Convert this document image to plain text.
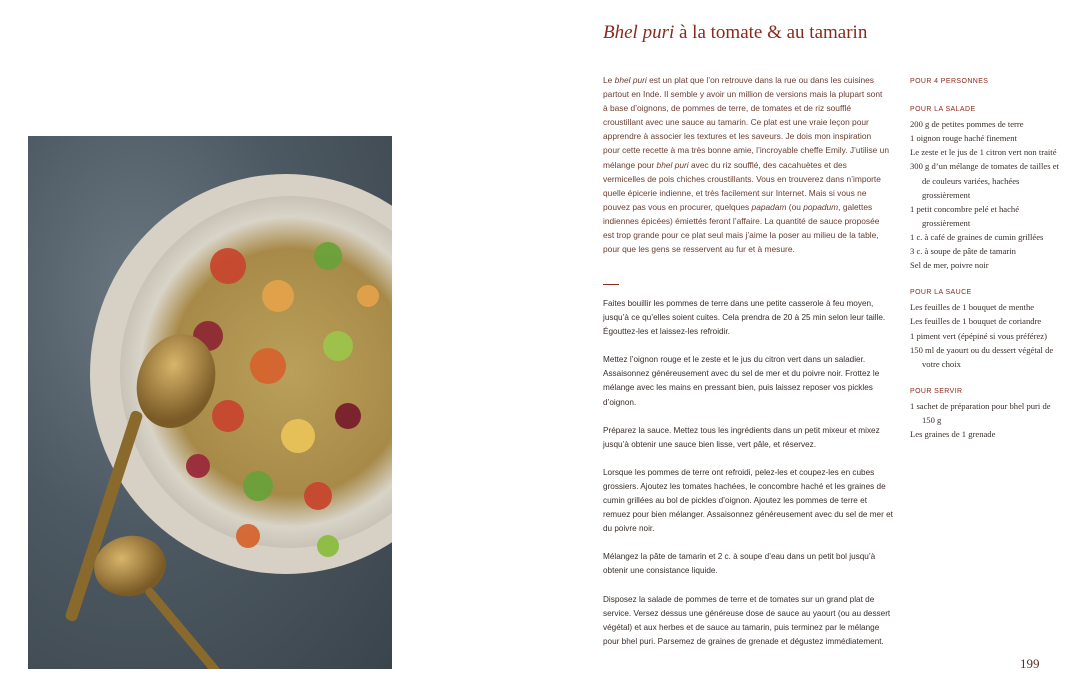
Bhel puri à la tomate & au tamarin

Le bhel puri est un plat que l’on retrouve dans la rue ou dans les cuisines partout en Inde. Il semble y avoir un million de versions mais la plupart sont à base d’oignons, de pommes de terre, de tomates et de riz soufflé croustillant avec une sauce au tamarin. Ce plat est une vraie leçon pour apprendre à associer les textures et les saveurs. Je dois mon inspiration pour cette recette à ma très bonne amie, l’incroyable cheffe Emily. J’utilise un mélange pour bhel puri avec du riz soufflé, des cacahuètes et des vermicelles de pois chiches croustillants. Vous en trouverez dans n’importe quelle épicerie indienne, et très facilement sur Internet. Mais si vous ne pouvez pas vous en procurer, quelques papadam (ou popadum, galettes indiennes épicées) émiettés feront l’affaire. La quantité de sauce proposée est trop grande pour ce plat seul mais j’aime la poser au milieu de la table, pour que les gens se resservent au fur et à mesure.

Faites bouillir les pommes de terre dans une petite casserole à feu moyen, jusqu’à ce qu’elles soient cuites. Cela prendra de 20 à 25 min selon leur taille. Égouttez-les et laissez-les refroidir.

Mettez l’oignon rouge et le zeste et le jus du citron vert dans un saladier. Assaisonnez généreusement avec du sel de mer et du poivre noir. Frottez le mélange avec les mains en pressant bien, puis laissez reposer vos pickles d’oignon.

Préparez la sauce. Mettez tous les ingrédients dans un petit mixeur et mixez jusqu’à obtenir une sauce bien lisse, vert pâle, et réservez.

Lorsque les pommes de terre ont refroidi, pelez-les et coupez-les en cubes grossiers. Ajoutez les tomates hachées, le concombre haché et les graines de cumin grillées au bol de pickles d’oignon. Ajoutez les pommes de terre et remuez pour bien mélanger. Assaisonnez généreusement avec du sel de mer et du poivre noir.

Mélangez la pâte de tamarin et 2 c. à soupe d’eau dans un petit bol jusqu’à obtenir une consistance liquide.

Disposez la salade de pommes de terre et de tomates sur un grand plat de service. Versez dessus une généreuse dose de sauce au yaourt (ou au dessert végétal) et aux herbes et de sauce au tamarin, puis terminez par le mélange pour bhel puri. Parsemez de graines de grenade et dégustez immédiatement.

POUR 4 PERSONNES
POUR LA SALADE
200 g de petites pommes de terre
1 oignon rouge haché finement
Le zeste et le jus de 1 citron vert non traité
300 g d’un mélange de tomates de tailles et de couleurs variées, hachées grossièrement
1 petit concombre pelé et haché grossièrement
1 c. à café de graines de cumin grillées
3 c. à soupe de pâte de tamarin
Sel de mer, poivre noir
POUR LA SAUCE
Les feuilles de 1 bouquet de menthe
Les feuilles de 1 bouquet de coriandre
1 piment vert (épépiné si vous préférez)
150 ml de yaourt ou du dessert végétal de votre choix
POUR SERVIR
1 sachet de préparation pour bhel puri de 150 g
Les graines de 1 grenade
199
